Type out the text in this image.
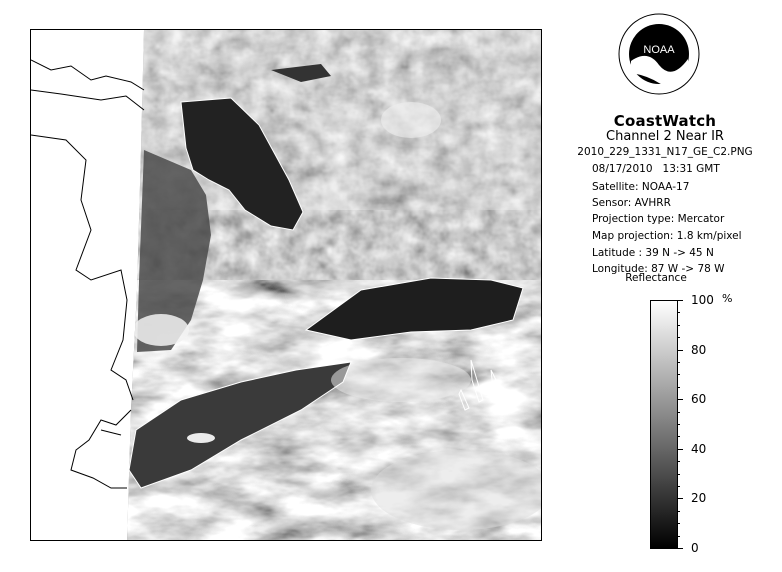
NOAA
CoastWatch
Channel 2 Near IR
2010_229_1331_N17_GE_C2.PNG
08/17/2010 13:31 GMT
Satellite: NOAA-17
Sensor: AVHRR
Projection type: Mercator
Map projection: 1.8 km/pixel
Latitude : 39 N -> 45 N
Longitude: 87 W -> 78 W
Reflectance
%
100
80
60
40
20
0
